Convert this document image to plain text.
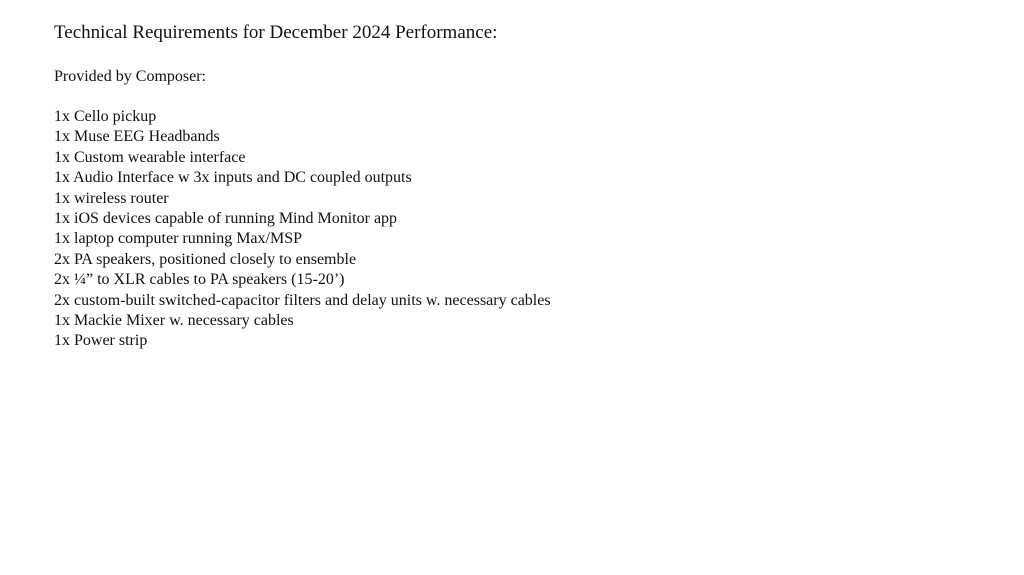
Technical Requirements for December 2024 Performance:
Provided by Composer:
1x Cello pickup
1x Muse EEG Headbands
1x Custom wearable interface
1x Audio Interface w 3x inputs and DC coupled outputs
1x wireless router
1x iOS devices capable of running Mind Monitor app
1x laptop computer running Max/MSP
2x PA speakers, positioned closely to ensemble
2x ¼” to XLR cables to PA speakers (15-20’)
2x custom-built switched-capacitor filters and delay units w. necessary cables
1x Mackie Mixer w. necessary cables
1x Power strip
